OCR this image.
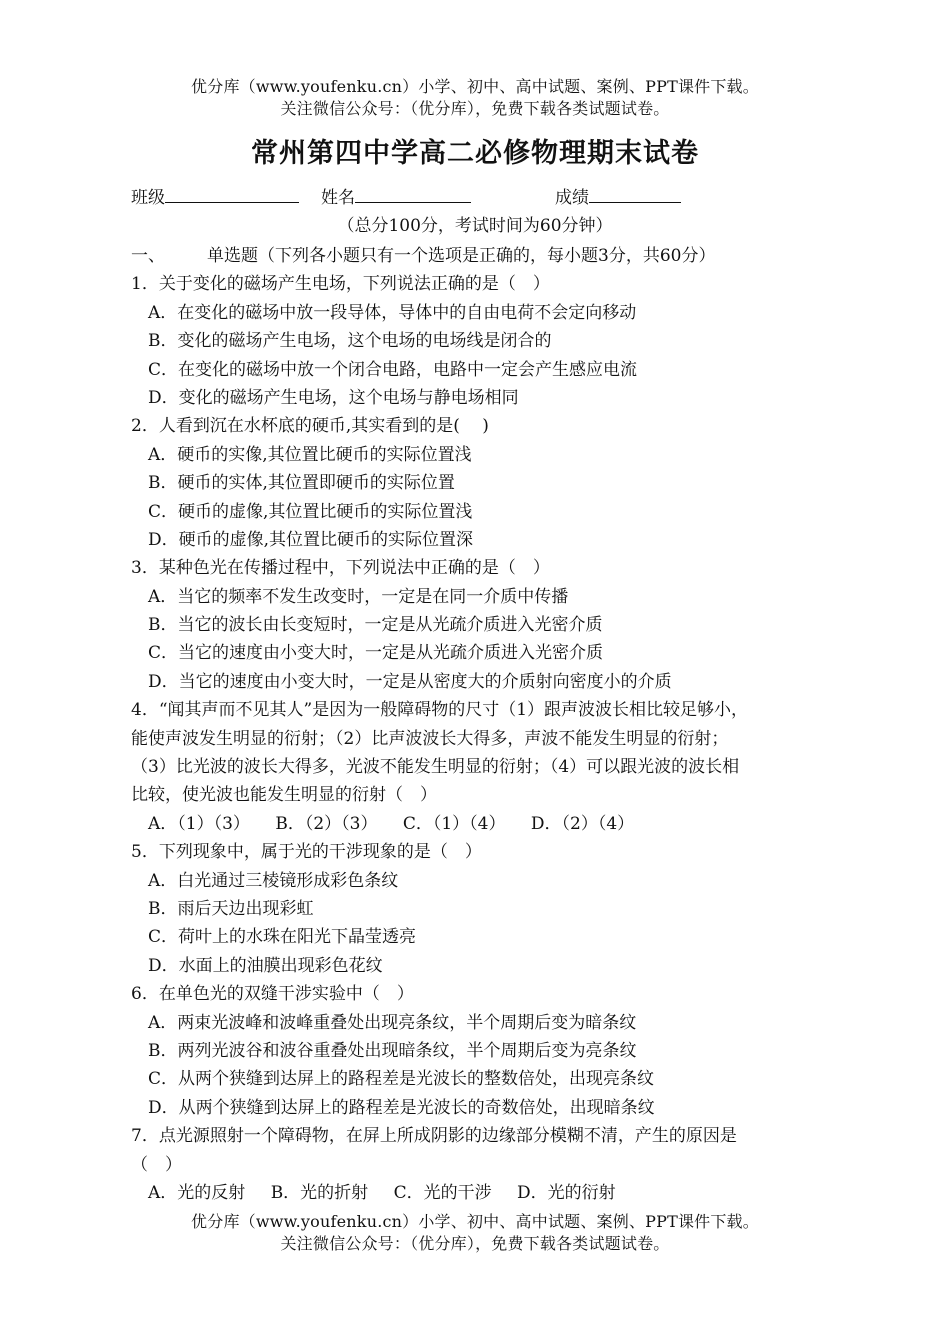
优分库（www.youfenku.cn）小学、初中、高中试题、案例、PPT课件下载。
关注微信公众号：（优分库），免费下载各类试题试卷。
常州第四中学高二必修物理期末试卷
班级	姓名	成绩
（总分100分，考试时间为60分钟）
一、 单选题（下列各小题只有一个选项是正确的，每小题3分，共60分）
1．关于变化的磁场产生电场，下列说法正确的是（　）
A．在变化的磁场中放一段导体，导体中的自由电荷不会定向移动
B．变化的磁场产生电场，这个电场的电场线是闭合的
C．在变化的磁场中放一个闭合电路，电路中一定会产生感应电流
D．变化的磁场产生电场，这个电场与静电场相同
2．人看到沉在水杯底的硬币,其实看到的是(　 )
A．硬币的实像,其位置比硬币的实际位置浅
B．硬币的实体,其位置即硬币的实际位置
C．硬币的虚像,其位置比硬币的实际位置浅
D．硬币的虚像,其位置比硬币的实际位置深
3．某种色光在传播过程中，下列说法中正确的是（　）
A．当它的频率不发生改变时，一定是在同一介质中传播
B．当它的波长由长变短时，一定是从光疏介质进入光密介质
C．当它的速度由小变大时，一定是从光疏介质进入光密介质
D．当它的速度由小变大时，一定是从密度大的介质射向密度小的介质
4．“闻其声而不见其人”是因为一般障碍物的尺寸（1）跟声波波长相比较足够小，
能使声波发生明显的衍射；（2）比声波波长大得多，声波不能发生明显的衍射；
（3）比光波的波长大得多，光波不能发生明显的衍射；（4）可以跟光波的波长相
比较，使光波也能发生明显的衍射（　）
A．（1）（3） B．（2）（3） C．（1）（4） D．（2）（4）
5．下列现象中，属于光的干涉现象的是（　）
A．白光通过三棱镜形成彩色条纹
B．雨后天边出现彩虹
C．荷叶上的水珠在阳光下晶莹透亮
D．水面上的油膜出现彩色花纹
6．在单色光的双缝干涉实验中（　）
A．两束光波峰和波峰重叠处出现亮条纹，半个周期后变为暗条纹
B．两列光波谷和波谷重叠处出现暗条纹，半个周期后变为亮条纹
C．从两个狭缝到达屏上的路程差是光波长的整数倍处，出现亮条纹
D．从两个狭缝到达屏上的路程差是光波长的奇数倍处，出现暗条纹
7．点光源照射一个障碍物，在屏上所成阴影的边缘部分模糊不清，产生的原因是
（　）
A．光的反射 B．光的折射 C．光的干涉 D．光的衍射
优分库（www.youfenku.cn）小学、初中、高中试题、案例、PPT课件下载。
关注微信公众号：（优分库），免费下载各类试题试卷。
